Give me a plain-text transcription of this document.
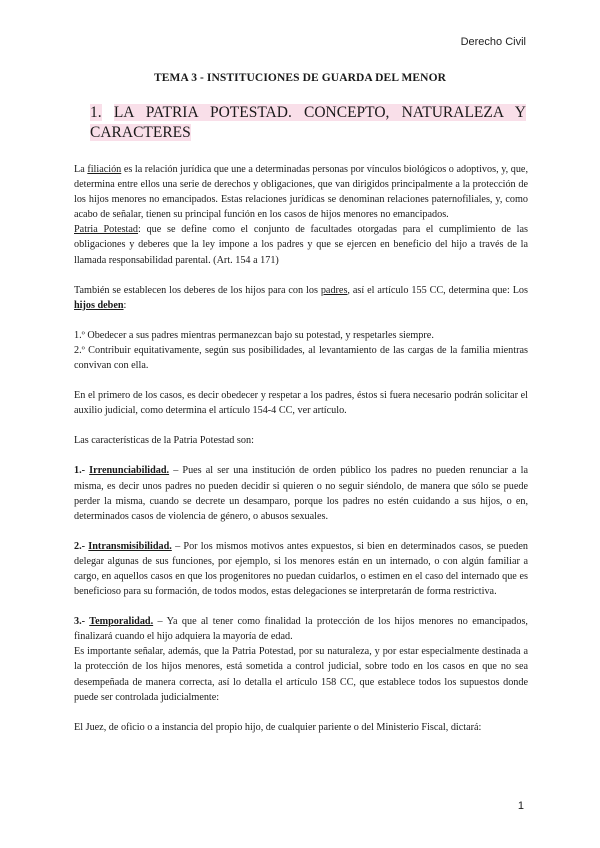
Derecho Civil
TEMA 3 - INSTITUCIONES DE GUARDA DEL MENOR
1. LA PATRIA POTESTAD. CONCEPTO, NATURALEZA Y CARACTERES

La filiación es la relación jurídica que une a determinadas personas por vínculos biológicos o adoptivos, y, que, determina entre ellos una serie de derechos y obligaciones, que van dirigidos principalmente a la protección de los hijos menores no emancipados. Estas relaciones jurídicas se denominan relaciones paternofiliales, y, como acabo de señalar, tienen su principal función en los casos de hijos menores no emancipados.

Patria Potestad: que se define como el conjunto de facultades otorgadas para el cumplimiento de las obligaciones y deberes que la ley impone a los padres y que se ejercen en beneficio del hijo a través de la llamada responsabilidad parental. (Art. 154 a 171)

También se establecen los deberes de los hijos para con los padres, así el artículo 155 CC, determina que: Los hijos deben:

1.º Obedecer a sus padres mientras permanezcan bajo su potestad, y respetarles siempre.

2.º Contribuir equitativamente, según sus posibilidades, al levantamiento de las cargas de la familia mientras convivan con ella.

En el primero de los casos, es decir obedecer y respetar a los padres, éstos si fuera necesario podrán solicitar el auxilio judicial, como determina el artículo 154-4 CC, ver artículo.

Las características de la Patria Potestad son:

1.- Irrenunciabilidad. – Pues al ser una institución de orden público los padres no pueden renunciar a la misma, es decir unos padres no pueden decidir si quieren o no seguir siéndolo, de manera que sólo se puede perder la misma, cuando se decrete un desamparo, porque los padres no estén cuidando a sus hijos, o en, determinados casos de violencia de género, o abusos sexuales.

2.- Intransmisibilidad. – Por los mismos motivos antes expuestos, si bien en determinados casos, se pueden delegar algunas de sus funciones, por ejemplo, si los menores están en un internado, o con algún familiar a cargo, en aquellos casos en que los progenitores no puedan cuidarlos, o estimen en el caso del internado que es beneficioso para su formación, de todos modos, estas delegaciones se interpretarán de forma restrictiva.

3.- Temporalidad. – Ya que al tener como finalidad la protección de los hijos menores no emancipados, finalizará cuando el hijo adquiera la mayoría de edad.

Es importante señalar, además, que la Patria Potestad, por su naturaleza, y por estar especialmente destinada a la protección de los hijos menores, está sometida a control judicial, sobre todo en los casos en que no sea desempeñada de manera correcta, así lo detalla el artículo 158 CC, que establece todos los supuestos donde puede ser controlada judicialmente:

El Juez, de oficio o a instancia del propio hijo, de cualquier pariente o del Ministerio Fiscal, dictará:

1
